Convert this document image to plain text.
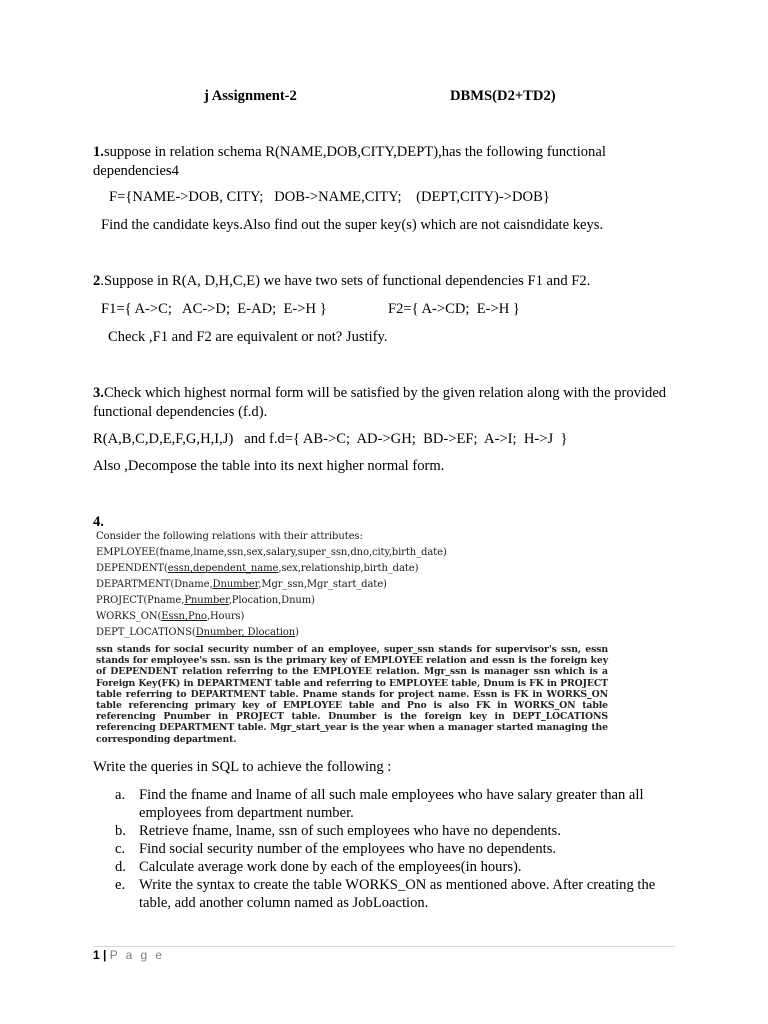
j Assignment-2	DBMS(D2+TD2)
1.suppose in relation schema R(NAME,DOB,CITY,DEPT),has the following functional dependencies4
F={NAME->DOB, CITY;   DOB->NAME,CITY;    (DEPT,CITY)->DOB}
Find the candidate keys.Also find out the super key(s) which are not caisndidate keys.
2.Suppose in R(A, D,H,C,E) we have two sets of functional dependencies F1 and F2.
F1={ A->C;   AC->D;  E-AD;  E->H }	F2={ A->CD;  E->H }
Check ,F1 and F2 are equivalent or not? Justify.
3.Check which highest normal form will be satisfied by the given relation along with the provided functional dependencies (f.d).
R(A,B,C,D,E,F,G,H,I,J)   and f.d={ AB->C;  AD->GH;  BD->EF;  A->I;  H->J  }
Also ,Decompose the table into its next higher normal form.
4.
Consider the following relations with their attributes:
EMPLOYEE(fname,lname,ssn,sex,salary,super_ssn,dno,city,birth_date)
DEPENDENT(essn,dependent_name,sex,relationship,birth_date)
DEPARTMENT(Dname,Dnumber,Mgr_ssn,Mgr_start_date)
PROJECT(Pname,Pnumber,Plocation,Dnum)
WORKS_ON(Essn,Pno,Hours)
DEPT_LOCATIONS(Dnumber, Dlocation)
ssn stands for social security number of an employee, super_ssn stands for supervisor's ssn, essn stands for employee's ssn. ssn is the primary key of EMPLOYEE relation and essn is the foreign key of DEPENDENT relation referring to the EMPLOYEE relation. Mgr_ssn is manager ssn which is a Foreign Key(FK) in DEPARTMENT table and referring to EMPLOYEE table, Dnum is FK in PROJECT table referring to DEPARTMENT table. Pname stands for project name. Essn is FK in WORKS_ON table referencing primary key of EMPLOYEE table and Pno is also FK in WORKS_ON table referencing Pnumber in PROJECT table. Dnumber is the foreign key in DEPT_LOCATIONS referencing DEPARTMENT table. Mgr_start_year is the year when a manager started managing the corresponding department.
Write the queries in SQL to achieve the following :
a. Find the fname and lname of all such male employees who have salary greater than all employees from department number.
b. Retrieve fname, lname, ssn of such employees who have no dependents.
c. Find social security number of the employees who have no dependents.
d. Calculate average work done by each of the employees(in hours).
e. Write the syntax to create the table WORKS_ON as mentioned above. After creating the table, add another column named as JobLoaction.
1 | P a g e
